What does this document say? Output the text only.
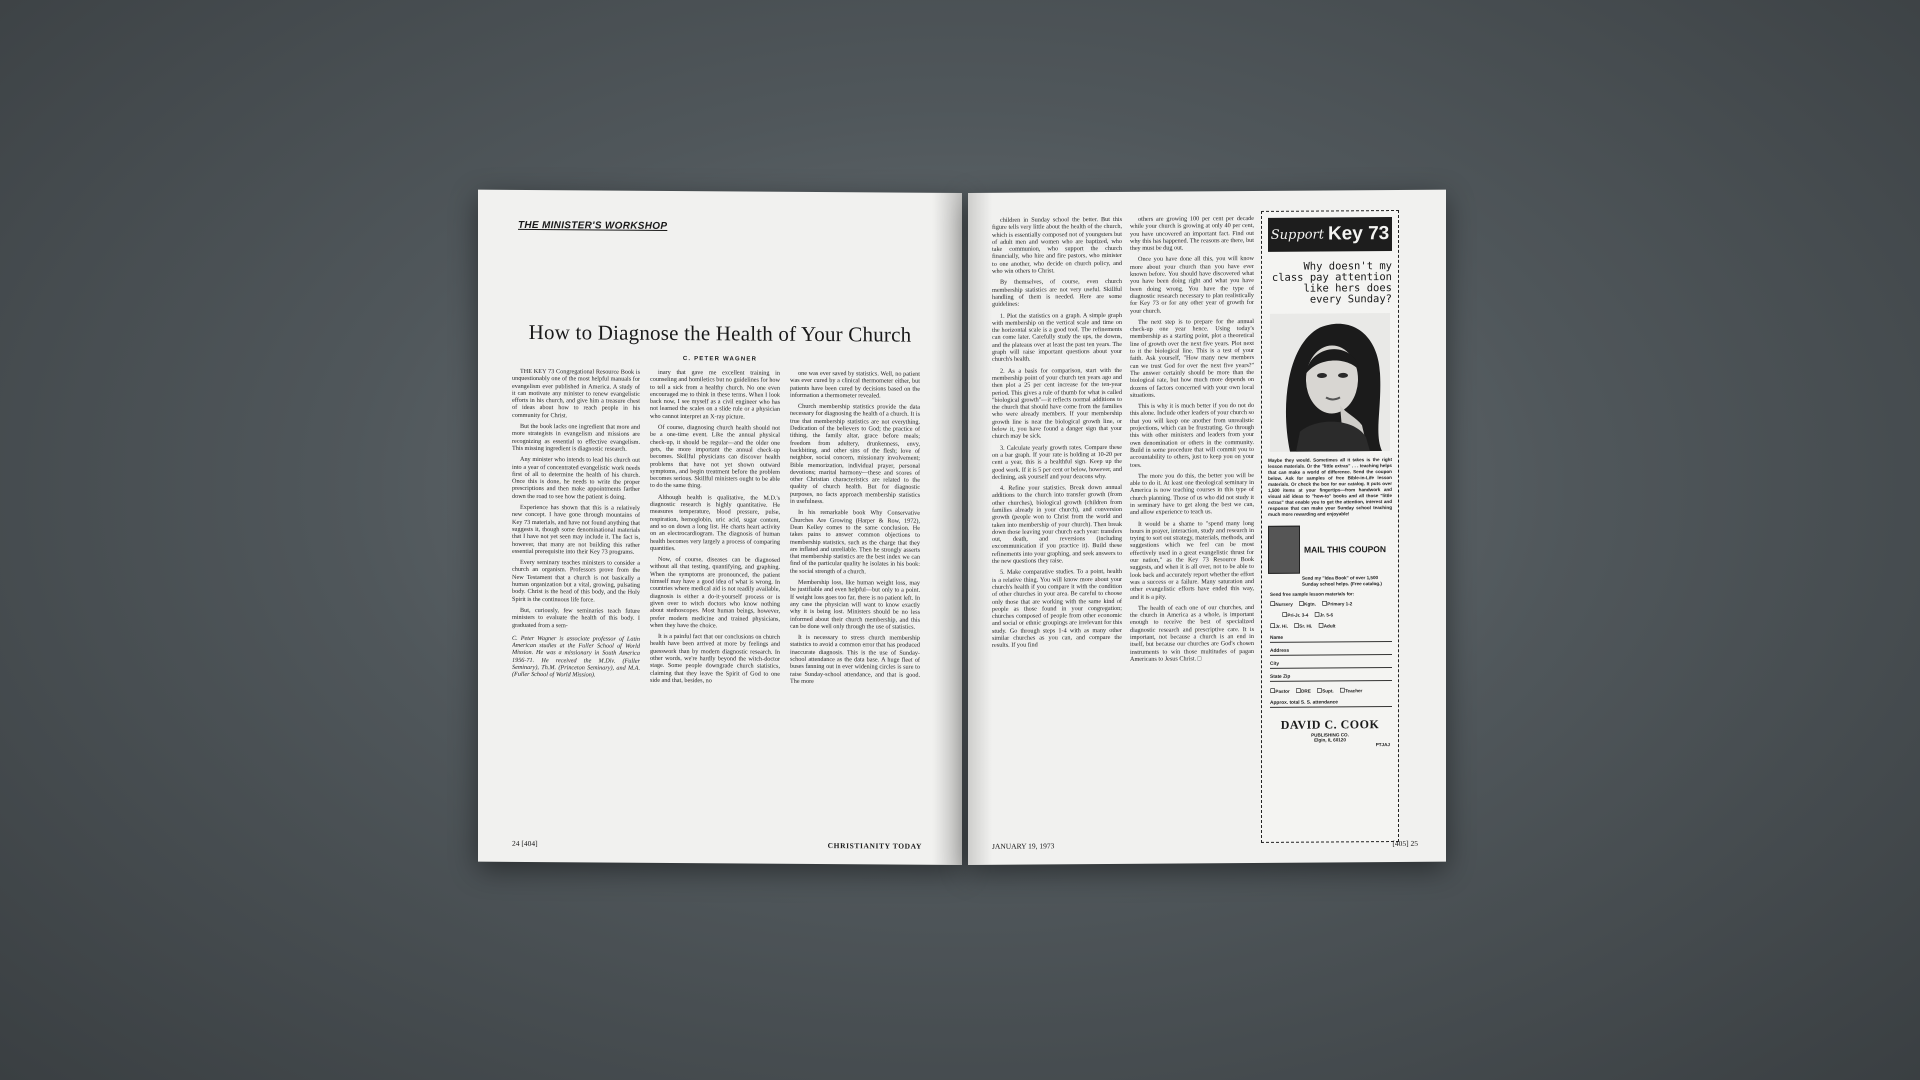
THE MINISTER'S WORKSHOP
How to Diagnose the Health of Your Church
C. PETER WAGNER

THE KEY 73 Congregational Resource Book is unquestionably one of the most helpful manuals for evangelism ever published in America. A study of it can motivate any minister to renew evangelistic efforts in his church, and give him a treasure chest of ideas about how to reach people in his community for Christ.

But the book lacks one ingredient that more and more strategists in evangelism and missions are recognizing as essential to effective evangelism. This missing ingredient is diagnostic research.

Any minister who intends to lead his church out into a year of concentrated evangelistic work needs first of all to determine the health of his church. Once this is done, he needs to write the proper prescriptions and then make appointments farther down the road to see how the patient is doing.

Experience has shown that this is a relatively new concept. I have gone through mountains of Key 73 materials, and have not found anything that suggests it, though some denominational materials that I have not yet seen may include it. The fact is, however, that many are not building this rather essential prerequisite into their Key 73 programs.

Every seminary teaches ministers to consider a church an organism. Professors prove from the New Testament that a church is not basically a human organization but a vital, growing, pulsating body. Christ is the head of this body, and the Holy Spirit is the continuous life force.

But, curiously, few seminaries teach future ministers to evaluate the health of this body. I graduated from a sem-

C. Peter Wagner is associate professor of Latin American studies at the Fuller School of World Mission. He was a missionary in South America 1956-71. He received the M.Div. (Fuller Seminary), Th.M. (Princeton Seminary), and M.A. (Fuller School of World Mission).

inary that gave me excellent training in counseling and homiletics but no guidelines for how to tell a sick from a healthy church. No one even encouraged me to think in these terms. When I look back now, I see myself as a civil engineer who has not learned the scales on a slide rule or a physician who cannot interpret an X-ray picture.

Of course, diagnosing church health should not be a one-time event. Like the annual physical check-up, it should be regular—and the older one gets, the more important the annual check-up becomes. Skillful physicians can discover health problems that have not yet shown outward symptoms, and begin treatment before the problem becomes serious. Skillful ministers ought to be able to do the same thing.

Although health is qualitative, the M.D.'s diagnostic research is highly quantitative. He measures temperature, blood pressure, pulse, respiration, hemoglobin, uric acid, sugar content, and so on down a long list. He charts heart activity on an electrocardiogram. The diagnosis of human health becomes very largely a process of comparing quantities.

Now, of course, diseases can be diagnosed without all that testing, quantifying, and graphing. When the symptoms are pronounced, the patient himself may have a good idea of what is wrong. In countries where medical aid is not readily available, diagnosis is either a do-it-yourself process or is given over to witch doctors who know nothing about stethoscopes. Most human beings, however, prefer modern medicine and trained physicians, when they have the choice.

It is a painful fact that our conclusions on church health have been arrived at more by feelings and guesswork than by modern diagnostic research. In other words, we're hardly beyond the witch-doctor stage. Some people downgrade church statistics, claiming that they leave the Spirit of God to one side and that, besides, no

one was ever saved by statistics. Well, no patient was ever cured by a clinical thermometer either, but patients have been cured by decisions based on the information a thermometer revealed.

Church membership statistics provide the data necessary for diagnosing the health of a church. It is true that membership statistics are not everything. Dedication of the believers to God; the practice of tithing, the family altar, grace before meals; freedom from adultery, drunkenness, envy, backbiting, and other sins of the flesh; love of neighbor, social concern, missionary involvement; Bible memorization, individual prayer, personal devotions; marital harmony—these and scores of other Christian characteristics are related to the quality of church health. But for diagnostic purposes, no facts approach membership statistics in usefulness.

In his remarkable book Why Conservative Churches Are Growing (Harper & Row, 1972), Dean Kelley comes to the same conclusion. He takes pains to answer common objections to membership statistics, such as the charge that they are inflated and unreliable. Then he strongly asserts that membership statistics are the best index we can find of the particular quality he isolates in his book: the social strength of a church.

Membership loss, like human weight loss, may be justifiable and even helpful—but only to a point. If weight loss goes too far, there is no patient left. In any case the physician will want to know exactly why it is being lost. Ministers should be no less informed about their church membership, and this can be done well only through the use of statistics.

It is necessary to stress church membership statistics to avoid a common error that has produced inaccurate diagnosis. This is the use of Sunday-school attendance as the data base. A huge fleet of buses fanning out in ever widening circles is sure to raise Sunday-school attendance, and that is good. The more

24 [404]	CHRISTIANITY TODAY

children in Sunday school the better. But this figure tells very little about the health of the church, which is essentially composed not of youngsters but of adult men and women who are baptized, who take communion, who support the church financially, who hire and fire pastors, who minister to one another, who decide on church policy, and who win others to Christ.

By themselves, of course, even church membership statistics are not very useful. Skillful handling of them is needed. Here are some guidelines:

1. Plot the statistics on a graph. A simple graph with membership on the vertical scale and time on the horizontal scale is a good tool. The refinements can come later. Carefully study the ups, the downs, and the plateaus over at least the past ten years. The graph will raise important questions about your church's health.

2. As a basis for comparison, start with the membership point of your church ten years ago and then plot a 25 per cent increase for the ten-year period. This gives a rule of thumb for what is called "biological growth"—it reflects normal additions to the church that should have come from the families who were already members. If your membership growth line is near the biological growth line, or below it, you have found a danger sign that your church may be sick.

3. Calculate yearly growth rates. Compare these on a bar graph. If your rate is holding at 10-20 per cent a year, this is a healthful sign. Keep up the good work. If it is 5 per cent or below, however, and declining, ask yourself and your deacons why.

4. Refine your statistics. Break down annual additions to the church into transfer growth (from other churches), biological growth (children from families already in your church), and conversion growth (people won to Christ from the world and taken into membership of your church). Then break down those leaving your church each year: transfers out, death, and reversions (including excommunication if you practice it). Build these refinements into your graphing, and seek answers to the new questions they raise.

5. Make comparative studies. To a point, health is a relative thing. You will know more about your church's health if you compare it with the condition of other churches in your area. Be careful to choose only those that are working with the same kind of people as those found in your congregation; churches composed of people from other economic and social or ethnic groupings are irrelevant for this study. Go through steps 1-4 with as many other similar churches as you can, and compare the results. If you find

others are growing 100 per cent per decade while your church is growing at only 40 per cent, you have uncovered an important fact. Find out why this has happened. The reasons are there, but they must be dug out.

Once you have done all this, you will know more about your church than you have ever known before. You should have discovered what you have been doing right and what you have been doing wrong. You have the type of diagnostic research necessary to plan realistically for Key 73 or for any other year of growth for your church.

The next step is to prepare for the annual check-up one year hence. Using today's membership as a starting point, plot a theoretical line of growth over the next five years. Plot next to it the biological line. This is a test of your faith. Ask yourself, "How many new members can we trust God for over the next five years?" The answer certainly should be more than the biological rate, but how much more depends on dozens of factors concerned with your own local situations.

This is why it is much better if you do not do this alone. Include other leaders of your church so that you will keep one another from unrealistic projections, which can be frustrating. Go through this with other ministers and leaders from your own denomination or others in the community. Build in some procedure that will commit you to accountability to others, just to keep you on your toes.

The more you do this, the better you will be able to do it. At least one theological seminary in America is now teaching courses in this type of church planning. Those of us who did not study it in seminary have to get along the best we can, and allow experience to teach us.

It would be a shame to "spend many long hours in prayer, interaction, study and research in trying to sort out strategy, materials, methods, and suggestions which we feel can be most effectively used in a great evangelistic thrust for our nation," as the Key 73 Resource Book suggests, and when it is all over, not to be able to look back and accurately report whether the effort was a success or a failure. Many saturation and other evangelistic efforts have ended this way, and it is a pity.

The health of each one of our churches, and the church in America as a whole, is important enough to receive the best of specialized diagnostic research and prescriptive care. It is important, not because a church is an end in itself, but because our churches are God's chosen instruments to win those multitudes of pagan Americans to Jesus Christ. □

Support Key 73
Why doesn't my class pay attention like hers does every Sunday?
Maybe they would. Sometimes all it takes is the right lesson materials. Or the "little extras" . . . teaching helps that can make a world of difference. Send the coupon below. Ask for samples of free Bible-in-Life lesson materials. Or check the box for our catalog. It puts over 1,500 items at your fingertips—from handwork and visual aid ideas to "how-to" books and all those "little extras" that enable you to get the attention, interest and response that can make your Sunday school teaching much more rewarding and enjoyable!
MAIL THIS COUPON
Send my "Idea Book" of over 1,500 Sunday school helps. (Free catalog.)
Send free sample lesson materials for:
☐ Nursery	☐ Kgtn.	☐ Primary 1-2
☐ Pri-Jr. 3-4	☐ Jr. 5-6
☐ Jr. Hi.	☐ Sr. Hi.	☐ Adult
Name
Address
City
State Zip
☐ Pastor	☐ DRE	☐ Supt.	☐ Teacher
Approx. total S. S. attendance
DAVID C. COOK
PUBLISHING CO.
Elgin, IL 60120
PTJAJ
JANUARY 19, 1973	[405] 25
